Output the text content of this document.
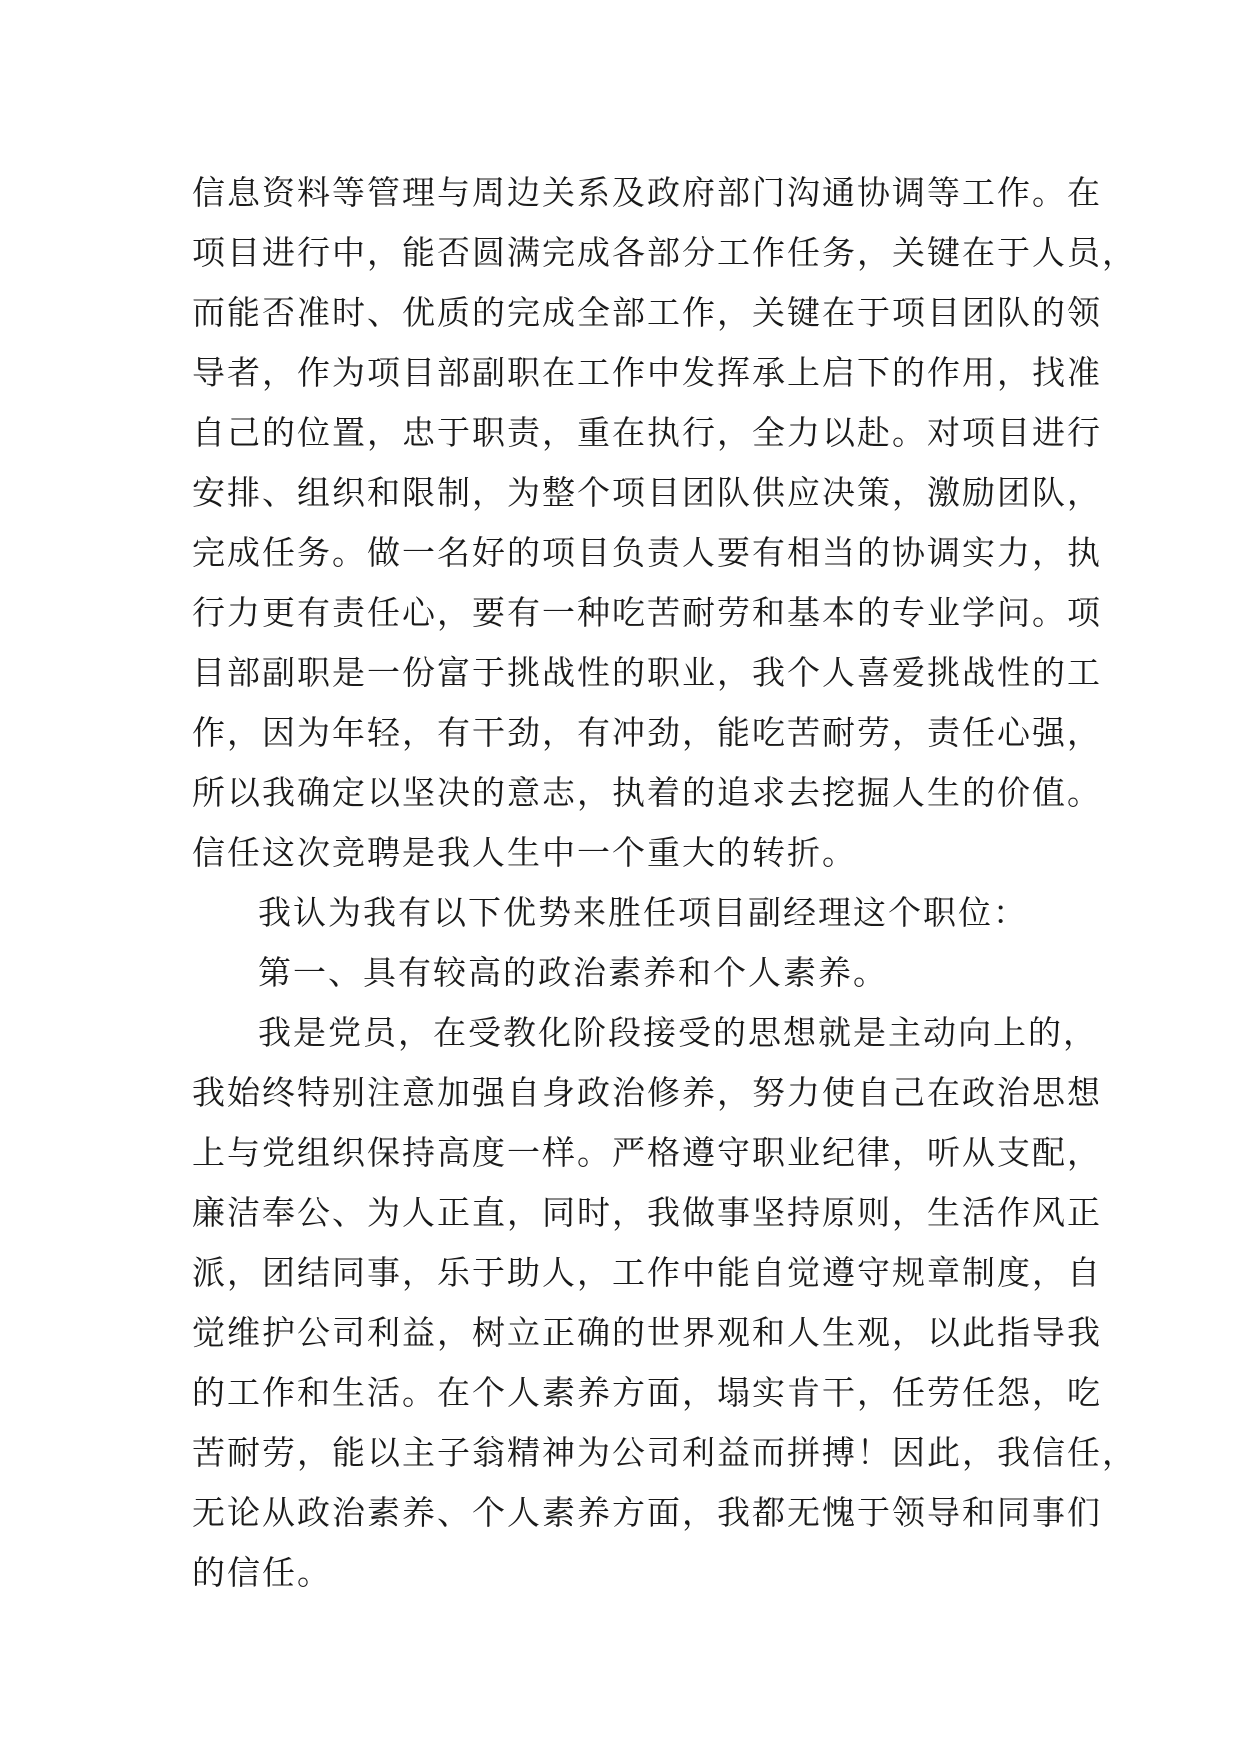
信息资料等管理与周边关系及政府部门沟通协调等工作。在
项目进行中，能否圆满完成各部分工作任务，关键在于人员，
而能否准时、优质的完成全部工作，关键在于项目团队的领
导者，作为项目部副职在工作中发挥承上启下的作用，找准
自己的位置，忠于职责，重在执行，全力以赴。对项目进行
安排、组织和限制，为整个项目团队供应决策，激励团队，
完成任务。做一名好的项目负责人要有相当的协调实力，执
行力更有责任心，要有一种吃苦耐劳和基本的专业学问。项
目部副职是一份富于挑战性的职业，我个人喜爱挑战性的工
作，因为年轻，有干劲，有冲劲，能吃苦耐劳，责任心强，
所以我确定以坚决的意志，执着的追求去挖掘人生的价值。
信任这次竞聘是我人生中一个重大的转折。
我认为我有以下优势来胜任项目副经理这个职位：
第一、具有较高的政治素养和个人素养。
我是党员，在受教化阶段接受的思想就是主动向上的，
我始终特别注意加强自身政治修养，努力使自己在政治思想
上与党组织保持高度一样。严格遵守职业纪律，听从支配，
廉洁奉公、为人正直，同时，我做事坚持原则，生活作风正
派，团结同事，乐于助人，工作中能自觉遵守规章制度，自
觉维护公司利益，树立正确的世界观和人生观，以此指导我
的工作和生活。在个人素养方面，塌实肯干，任劳任怨，吃
苦耐劳，能以主子翁精神为公司利益而拼搏！因此，我信任，
无论从政治素养、个人素养方面，我都无愧于领导和同事们
的信任。
